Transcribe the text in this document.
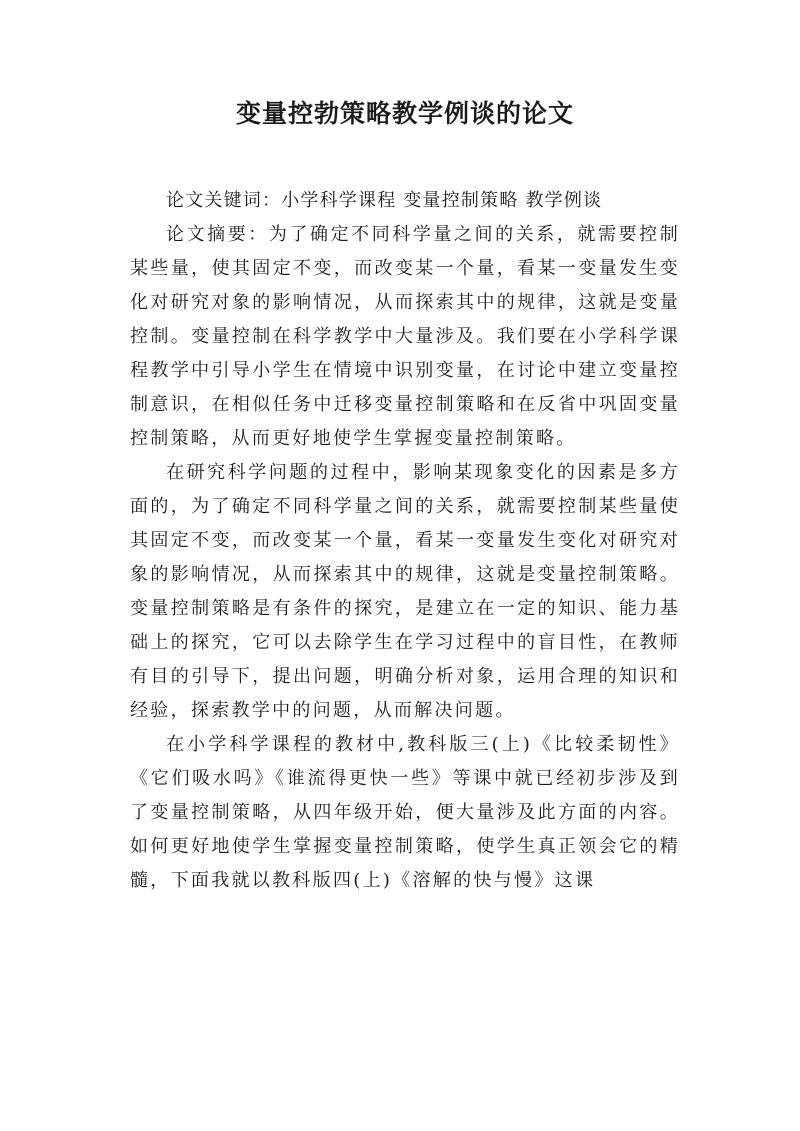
变量控勃策略教学例谈的论文

论文关键词：小学科学课程 变量控制策略 教学例谈

论文摘要：为了确定不同科学量之间的关系，就需要控制某些量，使其固定不变，而改变某一个量，看某一变量发生变化对研究对象的影响情况，从而探索其中的规律，这就是变量控制。变量控制在科学教学中大量涉及。我们要在小学科学课程教学中引导小学生在情境中识别变量，在讨论中建立变量控制意识，在相似任务中迁移变量控制策略和在反省中巩固变量控制策略，从而更好地使学生掌握变量控制策略。

在研究科学问题的过程中，影响某现象变化的因素是多方面的，为了确定不同科学量之间的关系，就需要控制某些量使其固定不变，而改变某一个量，看某一变量发生变化对研究对象的影响情况，从而探索其中的规律，这就是变量控制策略。变量控制策略是有条件的探究，是建立在一定的知识、能力基础上的探究，它可以去除学生在学习过程中的盲目性，在教师有目的引导下，提出问题，明确分析对象，运用合理的知识和经验，探索教学中的问题，从而解决问题。

在小学科学课程的教材中,教科版三(上)《比较柔韧性》《它们吸水吗》《谁流得更快一些》等课中就已经初步涉及到了变量控制策略，从四年级开始，便大量涉及此方面的内容。如何更好地使学生掌握变量控制策略，使学生真正领会它的精髓，下面我就以教科版四(上)《溶解的快与慢》这课
